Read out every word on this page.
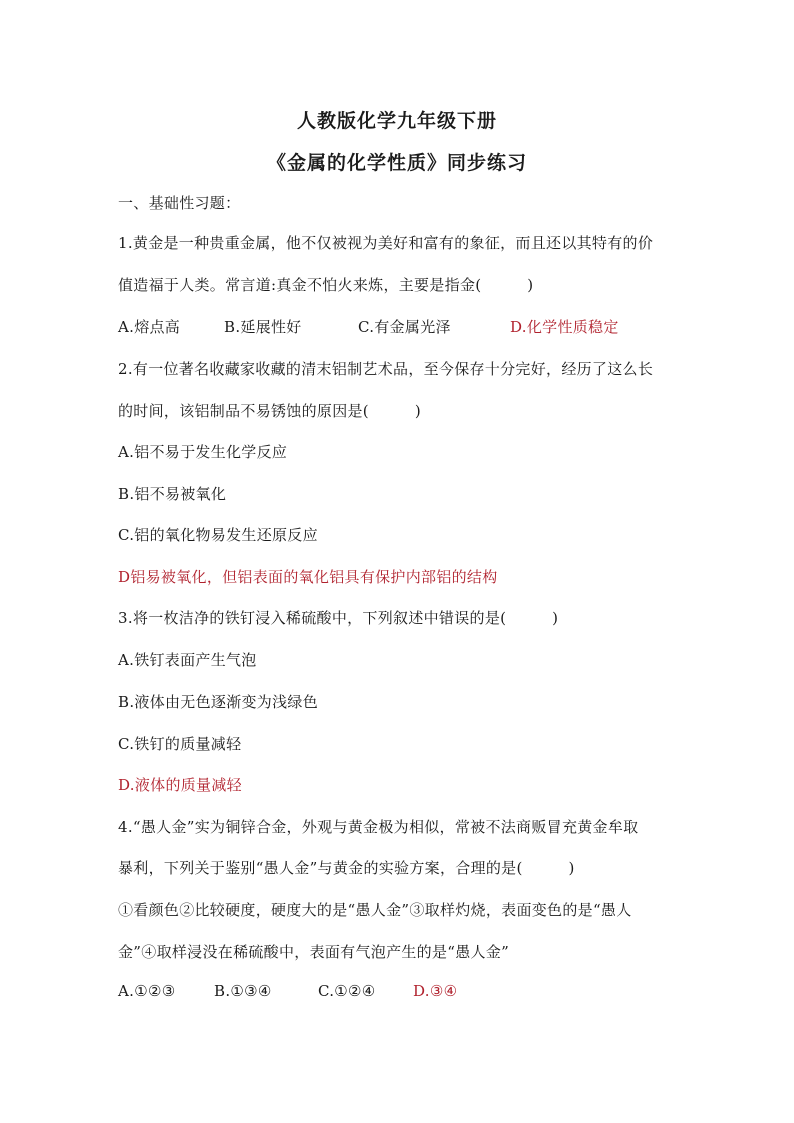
人教版化学九年级下册
《金属的化学性质》同步练习
一、基础性习题：
1.黄金是一种贵重金属，他不仅被视为美好和富有的象征，而且还以其特有的价
值造福于人类。常言道:真金不怕火来炼，主要是指金(　　　)
A.熔点高	B.延展性好	C.有金属光泽	D.化学性质稳定
2.有一位著名收藏家收藏的清末铝制艺术品，至今保存十分完好，经历了这么长
的时间，该铝制品不易锈蚀的原因是(　　　)
A.铝不易于发生化学反应
B.铝不易被氧化
C.铝的氧化物易发生还原反应
D铝易被氧化，但铝表面的氧化铝具有保护内部铝的结构
3.将一枚洁净的铁钉浸入稀硫酸中，下列叙述中错误的是(　　　)
A.铁钉表面产生气泡
B.液体由无色逐渐变为浅绿色
C.铁钉的质量减轻
D.液体的质量减轻
4.“愚人金”实为铜锌合金，外观与黄金极为相似，常被不法商贩冒充黄金牟取
暴利，下列关于鉴别“愚人金”与黄金的实验方案，合理的是(　　　)
①看颜色②比较硬度，硬度大的是“愚人金”③取样灼烧，表面变色的是“愚人
金”④取样浸没在稀硫酸中，表面有气泡产生的是“愚人金”
A.①②③	B.①③④	C.①②④ D.③④
